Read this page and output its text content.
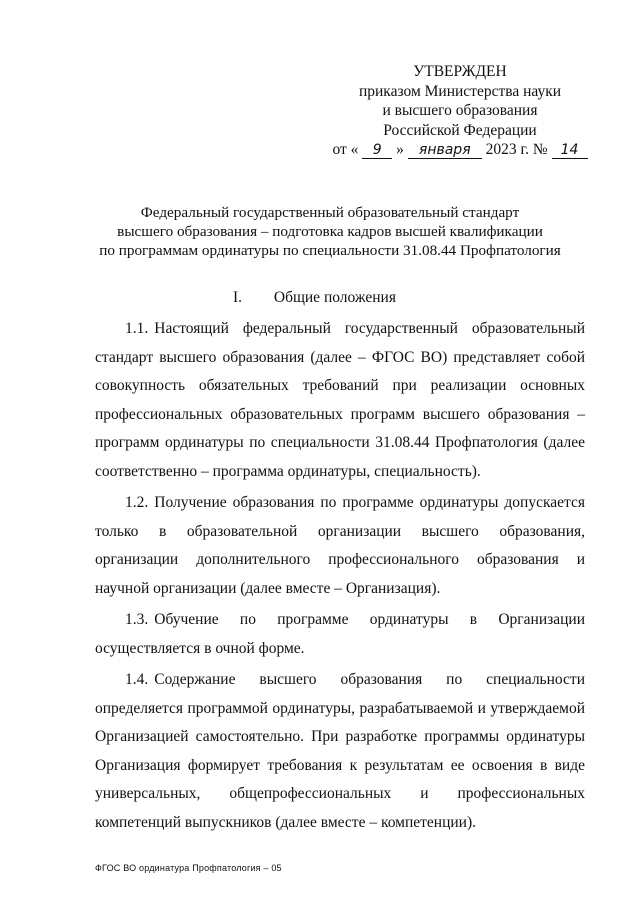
УТВЕРЖДЕН
приказом Министерства науки
и высшего образования
Российской Федерации
от « 9 » января 2023 г. № 14
Федеральный государственный образовательный стандарт
высшего образования – подготовка кадров высшей квалификации
по программам ординатуры по специальности 31.08.44 Профпатология
I. Общие положения

1.1. Настоящий федеральный государственный образовательный стандарт высшего образования (далее – ФГОС ВО) представляет собой совокупность обязательных требований при реализации основных профессиональных образовательных программ высшего образования – программ ординатуры по специальности 31.08.44 Профпатология (далее соответственно – программа ординатуры, специальность).

1.2. Получение образования по программе ординатуры допускается только в образовательной организации высшего образования, организации дополнительного профессионального образования и научной организации (далее вместе – Организация).

1.3. Обучение по программе ординатуры в Организации осуществляется в очной форме.

1.4. Содержание высшего образования по специальности определяется программой ординатуры, разрабатываемой и утверждаемой Организацией самостоятельно. При разработке программы ординатуры Организация формирует требования к результатам ее освоения в виде универсальных, общепрофессиональных и профессиональных компетенций выпускников (далее вместе – компетенции).

ФГОС ВО ординатура Профпатология – 05
